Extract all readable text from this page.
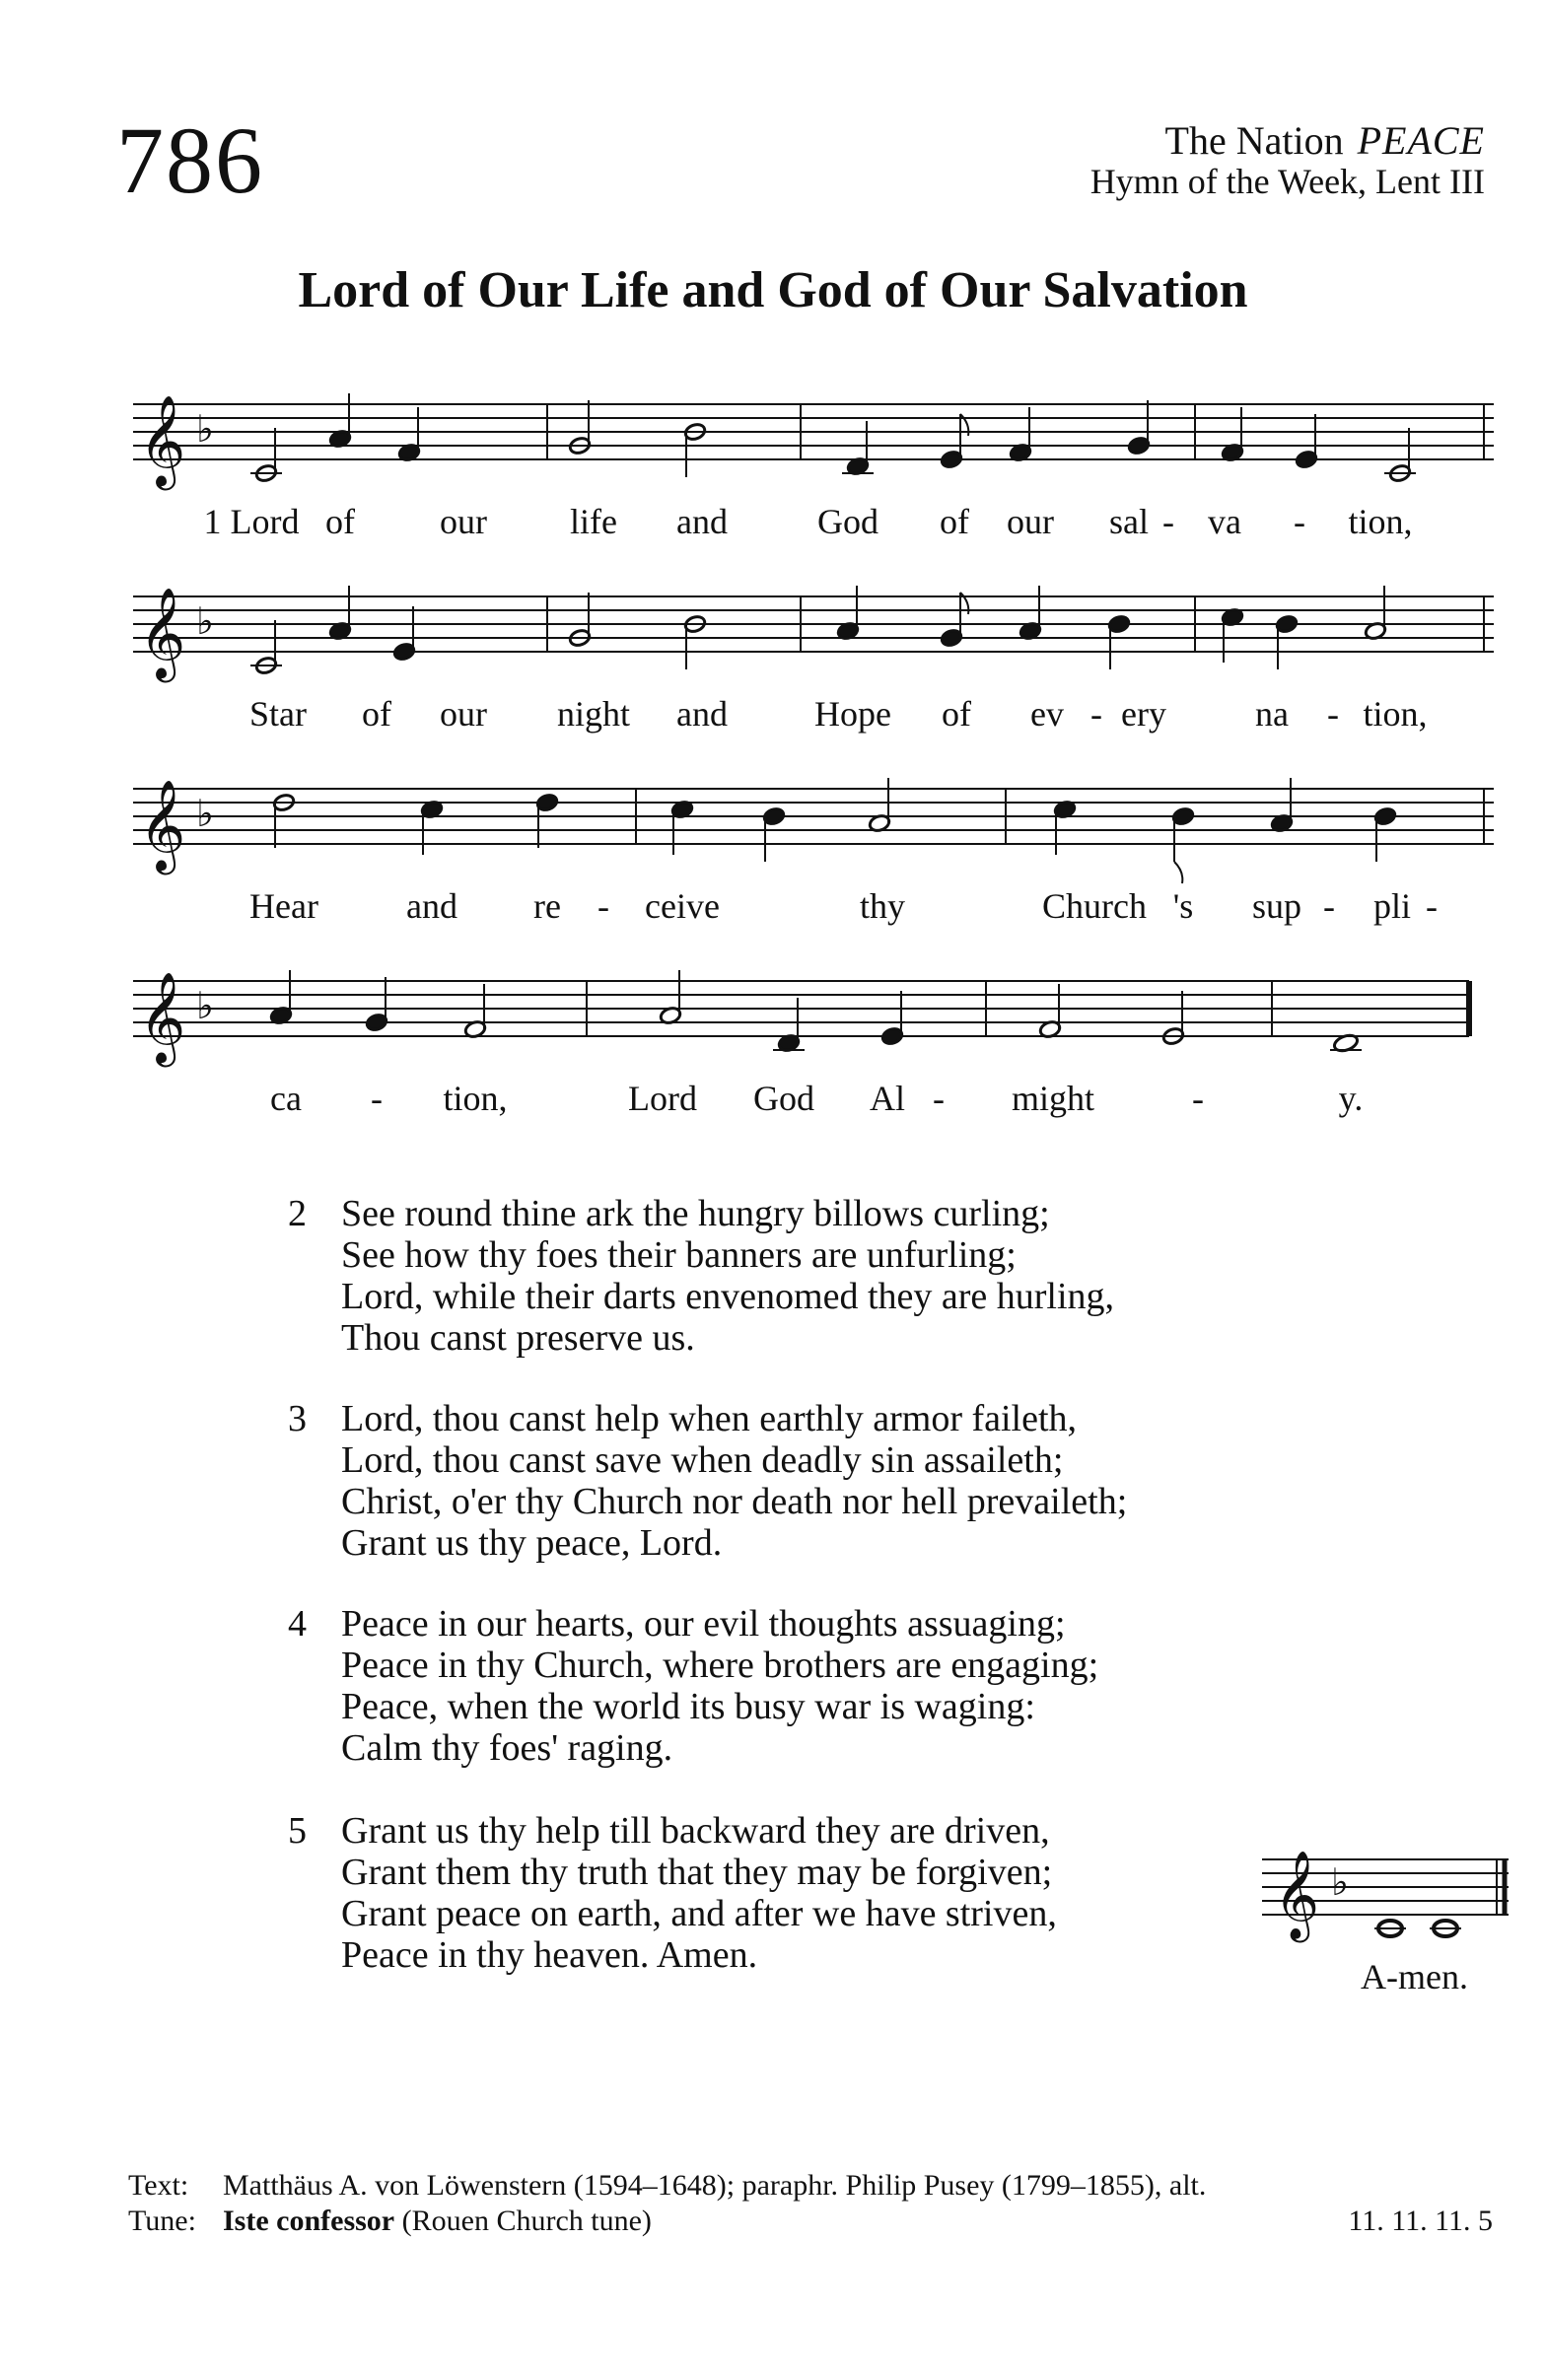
786	The Nation PEACE
Hymn of the Week, Lent III
Lord of Our Life and God of Our Salvation
𝄞 ♭
1 Lord of our life and	God of our sal - va - tion,
𝄞 ♭
Star of our night and Hope of ev - ery	na - tion,
𝄞 ♭
Hear and re - ceive	thy	Church 's sup - pli -
𝄞 ♭
ca - tion,	Lord God Al - might	-	y.
2 See round thine ark the hungry billows curling;
See how thy foes their banners are unfurling;
Lord, while their darts envenomed they are hurling,
Thou canst preserve us.
3 Lord, thou canst help when earthly armor faileth,
Lord, thou canst save when deadly sin assaileth;
Christ, o'er thy Church nor death nor hell prevaileth;
Grant us thy peace, Lord.
4 Peace in our hearts, our evil thoughts assuaging;
Peace in thy Church, where brothers are engaging;
Peace, when the world its busy war is waging:
Calm thy foes' raging.
5 Grant us thy help till backward they are driven,
Grant them thy truth that they may be forgiven;
Grant peace on earth, and after we have striven,
Peace in thy heaven. Amen.
𝄞 ♭
A-men.
Text: Matthäus A. von Löwenstern (1594–1648); paraphr. Philip Pusey (1799–1855), alt.
Tune: Iste confessor (Rouen Church tune)	11. 11. 11. 5
